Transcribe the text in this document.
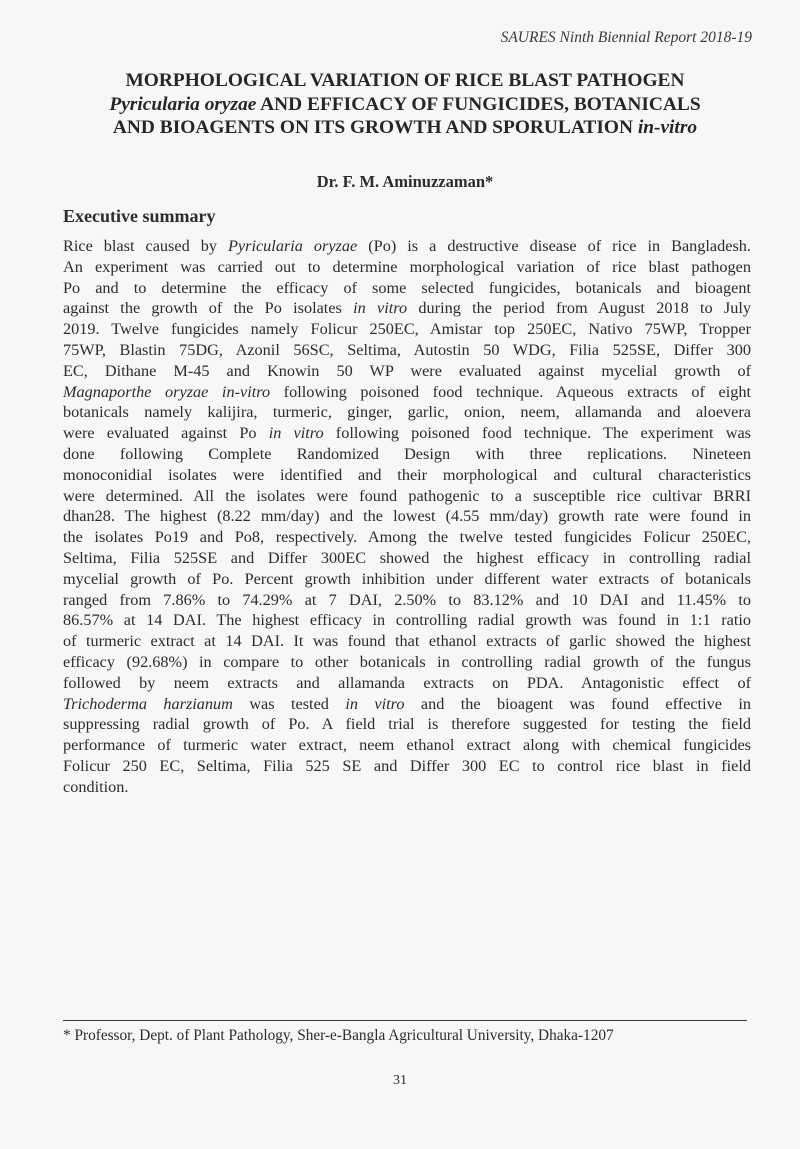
SAURES Ninth Biennial Report 2018-19

MORPHOLOGICAL VARIATION OF RICE BLAST PATHOGEN
Pyricularia oryzae AND EFFICACY OF FUNGICIDES, BOTANICALS
AND BIOAGENTS ON ITS GROWTH AND SPORULATION in-vitro

Dr. F. M. Aminuzzaman*

Executive summary
Rice blast caused by Pyricularia oryzae (Po) is a destructive disease of rice in Bangladesh.
An experiment was carried out to determine morphological variation of rice blast pathogen
Po and to determine the efficacy of some selected fungicides, botanicals and bioagent
against the growth of the Po isolates in vitro during the period from August 2018 to July
2019. Twelve fungicides namely Folicur 250EC, Amistar top 250EC, Nativo 75WP, Tropper
75WP, Blastin 75DG, Azonil 56SC, Seltima, Autostin 50 WDG, Filia 525SE, Differ 300
EC, Dithane M-45 and Knowin 50 WP were evaluated against mycelial growth of
Magnaporthe oryzae in-vitro following poisoned food technique. Aqueous extracts of eight
botanicals namely kalijira, turmeric, ginger, garlic, onion, neem, allamanda and aloevera
were evaluated against Po in vitro following poisoned food technique. The experiment was
done following Complete Randomized Design with three replications. Nineteen
monoconidial isolates were identified and their morphological and cultural characteristics
were determined. All the isolates were found pathogenic to a susceptible rice cultivar BRRI
dhan28. The highest (8.22 mm/day) and the lowest (4.55 mm/day) growth rate were found in
the isolates Po19 and Po8, respectively. Among the twelve tested fungicides Folicur 250EC,
Seltima, Filia 525SE and Differ 300EC showed the highest efficacy in controlling radial
mycelial growth of Po. Percent growth inhibition under different water extracts of botanicals
ranged from 7.86% to 74.29% at 7 DAI, 2.50% to 83.12% and 10 DAI and 11.45% to
86.57% at 14 DAI. The highest efficacy in controlling radial growth was found in 1:1 ratio
of turmeric extract at 14 DAI. It was found that ethanol extracts of garlic showed the highest
efficacy (92.68%) in compare to other botanicals in controlling radial growth of the fungus
followed by neem extracts and allamanda extracts on PDA. Antagonistic effect of
Trichoderma harzianum was tested in vitro and the bioagent was found effective in
suppressing radial growth of Po. A field trial is therefore suggested for testing the field
performance of turmeric water extract, neem ethanol extract along with chemical fungicides
Folicur 250 EC, Seltima, Filia 525 SE and Differ 300 EC to control rice blast in field
condition.

* Professor, Dept. of Plant Pathology, Sher-e-Bangla Agricultural University, Dhaka-1207

31
